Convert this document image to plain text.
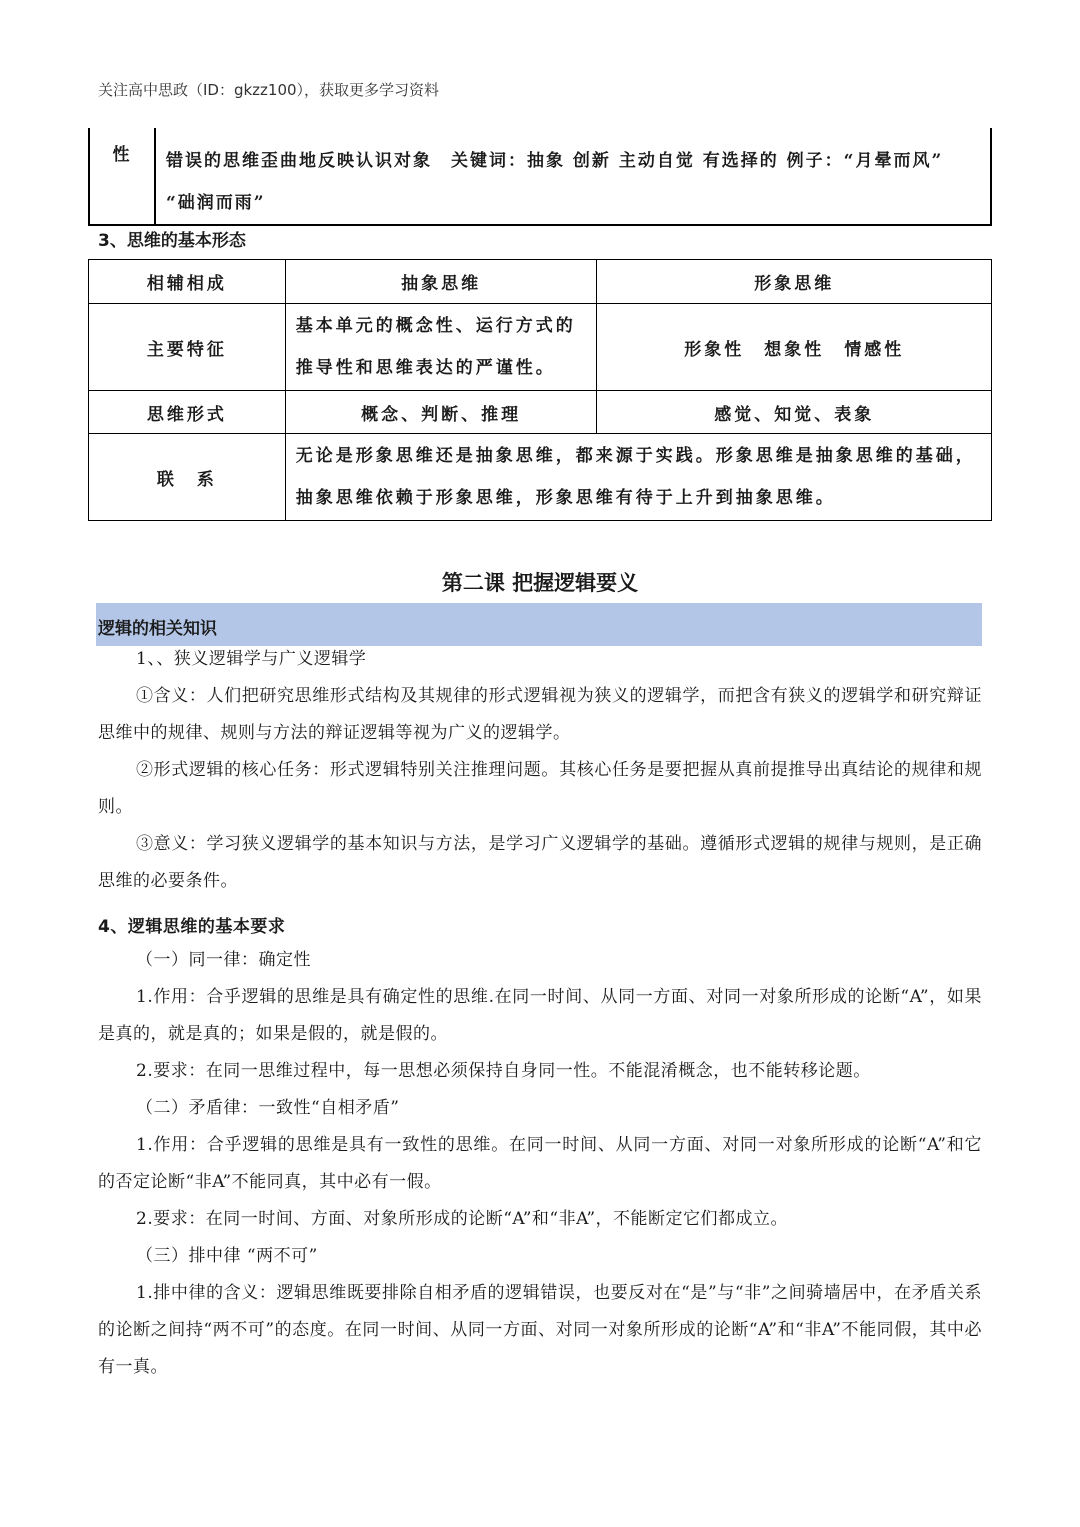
关注高中思政（ID：gkzz100），获取更多学习资料
性	错误的思维歪曲地反映认识对象　关键词：抽象 创新 主动自觉 有选择的 例子：“月晕而风”
“础润而雨”
3、思维的基本形态
相辅相成	抽象思维	形象思维
主要特征	基本单元的概念性、运行方式的推导性和思维表达的严谨性。	形象性　想象性　情感性
思维形式	概念、判断、推理	感觉、知觉、表象
联　系	无论是形象思维还是抽象思维，都来源于实践。形象思维是抽象思维的基础，抽象思维依赖于形象思维，形象思维有待于上升到抽象思维。	
第二课 把握逻辑要义
逻辑的相关知识
1、、狭义逻辑学与广义逻辑学
①含义：人们把研究思维形式结构及其规律的形式逻辑视为狭义的逻辑学，而把含有狭义的逻辑学和研究辩证思维中的规律、规则与方法的辩证逻辑等视为广义的逻辑学。
②形式逻辑的核心任务：形式逻辑特别关注推理问题。其核心任务是要把握从真前提推导出真结论的规律和规则。
③意义：学习狭义逻辑学的基本知识与方法，是学习广义逻辑学的基础。遵循形式逻辑的规律与规则，是正确思维的必要条件。
4、逻辑思维的基本要求
（一）同一律：确定性
1.作用：合乎逻辑的思维是具有确定性的思维.在同一时间、从同一方面、对同一对象所形成的论断“A”，如果是真的，就是真的；如果是假的，就是假的。
2.要求：在同一思维过程中，每一思想必须保持自身同一性。不能混淆概念，也不能转移论题。
（二）矛盾律：一致性“自相矛盾”
1.作用：合乎逻辑的思维是具有一致性的思维。在同一时间、从同一方面、对同一对象所形成的论断“A”和它的否定论断“非A”不能同真，其中必有一假。
2.要求：在同一时间、方面、对象所形成的论断“A”和“非A”，不能断定它们都成立。
（三）排中律 “两不可”
1.排中律的含义：逻辑思维既要排除自相矛盾的逻辑错误，也要反对在“是”与“非”之间骑墙居中，在矛盾关系的论断之间持“两不可”的态度。在同一时间、从同一方面、对同一对象所形成的论断“A”和“非A”不能同假，其中必有一真。
